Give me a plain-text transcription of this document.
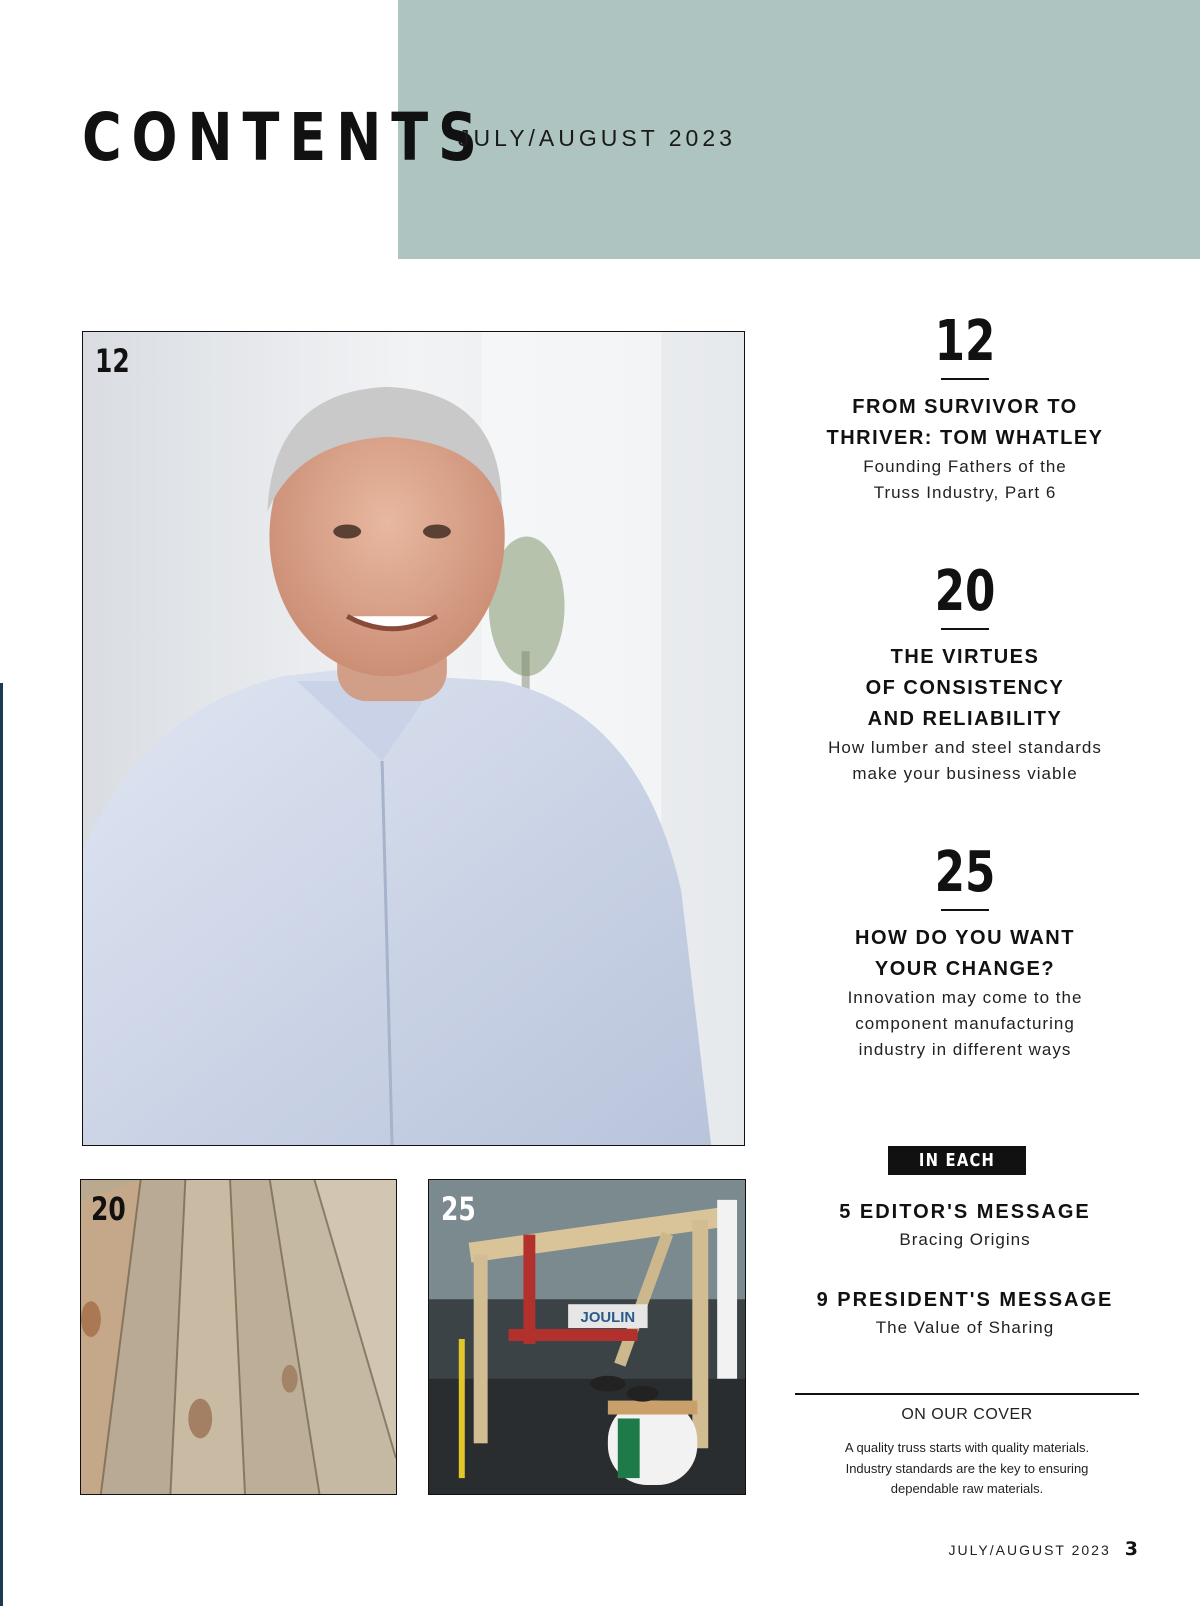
CONTENTS
JULY/AUGUST 2023
12
20
JOULIN
25
12
FROM SURVIVOR TO
THRIVER: TOM WHATLEY
Founding Fathers of the
Truss Industry, Part 6
20
THE VIRTUES
OF CONSISTENCY
AND RELIABILITY
How lumber and steel standards
make your business viable
25
HOW DO YOU WANT
YOUR CHANGE?
Innovation may come to the
component manufacturing
industry in different ways
IN EACH ISSUE
5 EDITOR'S MESSAGE
Bracing Origins
9 PRESIDENT'S MESSAGE
The Value of Sharing
ON OUR COVER
A quality truss starts with quality materials. Industry standards are the key to ensuring dependable raw materials.
JULY/AUGUST 2023 3
